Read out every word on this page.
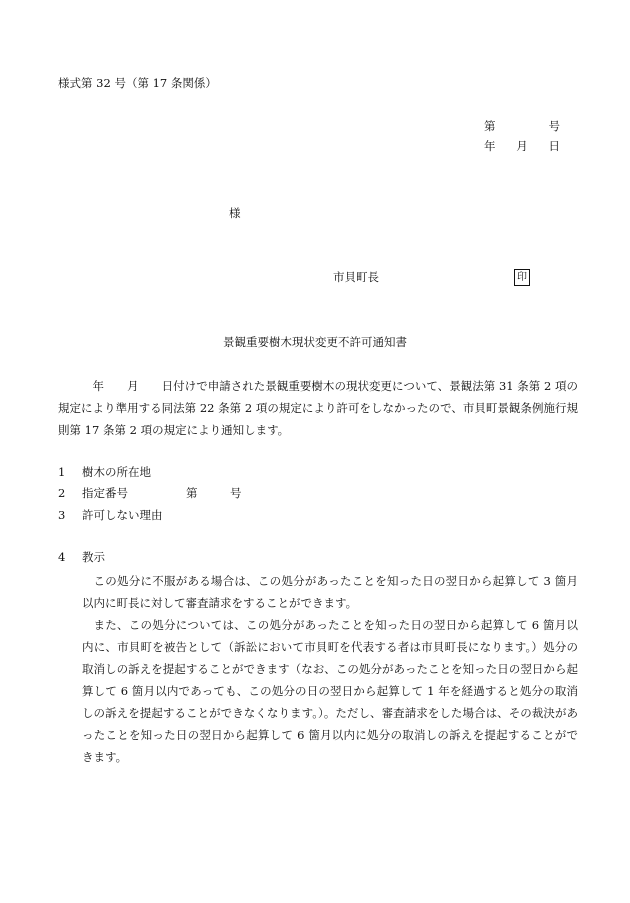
様式第 32 号（第 17 条関係）
第	号
年 月 日
様
市貝町長	印
景観重要樹木現状変更不許可通知書
年　　月　　日付けで申請された景観重要樹木の現状変更について、景観法第 31 条第 2 項の規定により準用する同法第 22 条第 2 項の規定により許可をしなかったので、市貝町景観条例施行規則第 17 条第 2 項の規定により通知します。
1 樹木の所在地
2 指定番号	第	号
3 許可しない理由
4 教示
この処分に不服がある場合は、この処分があったことを知った日の翌日から起算して 3 箇月以内に町長に対して審査請求をすることができます。
また、この処分については、この処分があったことを知った日の翌日から起算して 6 箇月以内に、市貝町を被告として（訴訟において市貝町を代表する者は市貝町長になります。）処分の取消しの訴えを提起することができます（なお、この処分があったことを知った日の翌日から起算して 6 箇月以内であっても、この処分の日の翌日から起算して 1 年を経過すると処分の取消しの訴えを提起することができなくなります。）。ただし、審査請求をした場合は、その裁決があったことを知った日の翌日から起算して 6 箇月以内に処分の取消しの訴えを提起することができます。
